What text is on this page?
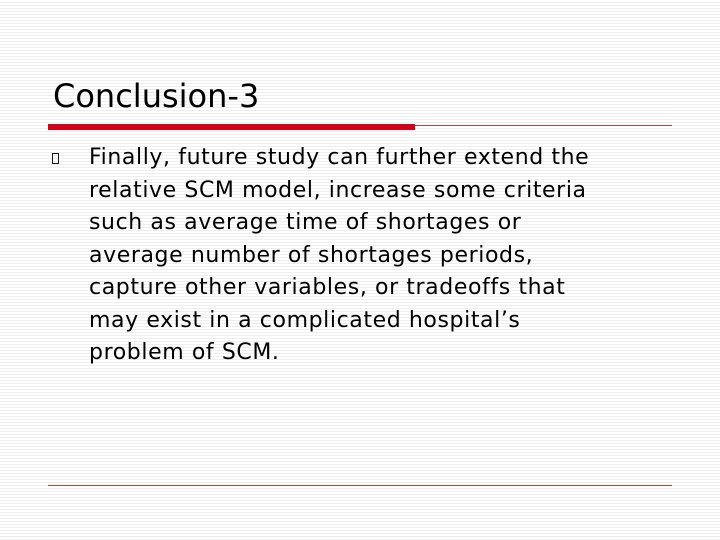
Conclusion-3
Finally, future study can further extend the
relative SCM model, increase some criteria
such as average time of shortages or
average number of shortages periods,
capture other variables, or tradeoffs that
may exist in a complicated hospital’s
problem of SCM.
